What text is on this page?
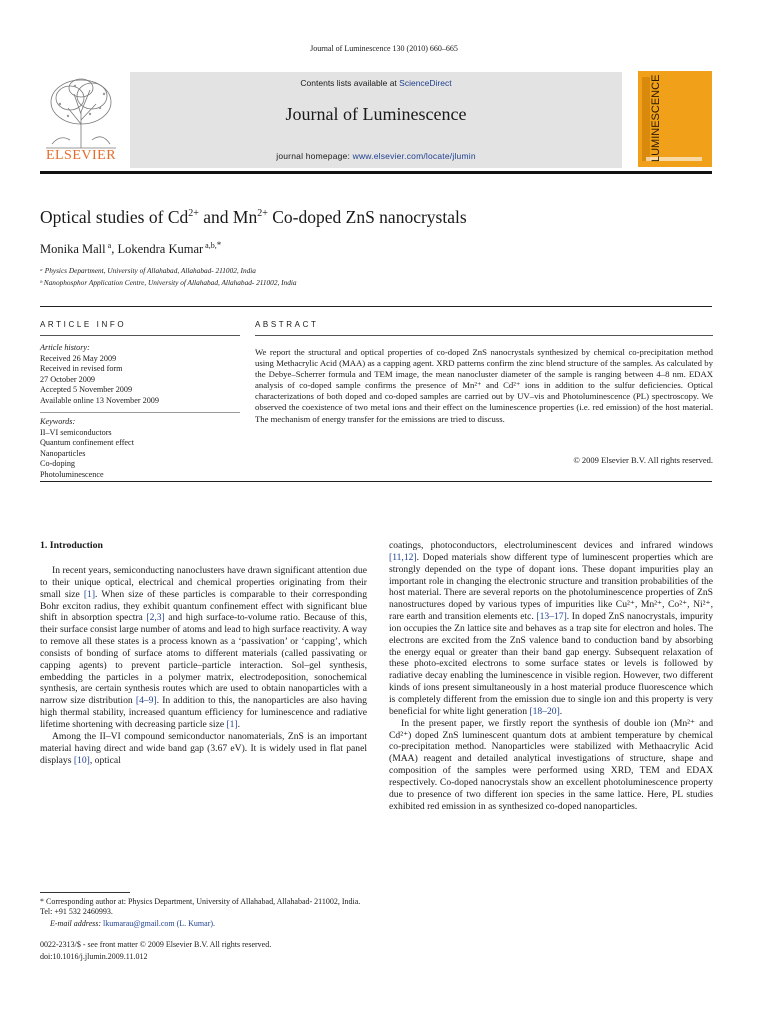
Journal of Luminescence 130 (2010) 660–665
ELSEVIER
Contents lists available at ScienceDirect
Journal of Luminescence
journal homepage: www.elsevier.com/locate/jlumin	LUMINESCENCE
Optical studies of $Cd^{2+}$ and $Mn^{2+}$ Co-doped ZnS nanocrystals
Monika Mall $^a$, Lokendra Kumar $^{a,b,*}$
ᵃ Physics Department, University of Allahabad, Allahabad- 211002, India
ᵇ Nanophosphor Application Centre, University of Allahabad, Allahabad- 211002, India
ARTICLE INFO
Article history:
Received 26 May 2009
Received in revised form
27 October 2009
Accepted 5 November 2009
Available online 13 November 2009
Keywords:
II–VI semiconductors
Quantum confinement effect
Nanoparticles
Co-doping
Photoluminescence
ABSTRACT
We report the structural and optical properties of co-doped ZnS nanocrystals synthesized by chemical co-precipitation method using Methacrylic Acid (MAA) as a capping agent. XRD patterns confirm the zinc blend structure of the samples. As calculated by the Debye–Scherrer formula and TEM image, the mean nanocluster diameter of the sample is ranging between 4–8 nm. EDAX analysis of co-doped sample confirms the presence of Mn²⁺ and Cd²⁺ ions in addition to the sulfur deficiencies. Optical characterizations of both doped and co-doped samples are carried out by UV–vis and Photoluminescence (PL) spectroscopy. We observed the coexistence of two metal ions and their effect on the luminescence properties (i.e. red emission) of the host material. The mechanism of energy transfer for the emissions are tried to discuss.
© 2009 Elsevier B.V. All rights reserved.
1. Introduction

In recent years, semiconducting nanoclusters have drawn significant attention due to their unique optical, electrical and chemical properties originating from their small size [1]. When size of these particles is comparable to their corresponding Bohr exciton radius, they exhibit quantum confinement effect with significant blue shift in absorption spectra [2,3] and high surface-to-volume ratio. Because of this, their surface consist large number of atoms and lead to high surface reactivity. A way to remove all these states is a process known as a ‘passivation’ or ‘capping’, which consists of bonding of surface atoms to different materials (called passivating or capping agents) to prevent particle–particle interaction. Sol–gel synthesis, embedding the particles in a polymer matrix, electrodeposition, sonochemical synthesis, are certain synthesis routes which are used to obtain nanoparticles with a narrow size distribution [4–9]. In addition to this, the nanoparticles are also having high thermal stability, increased quantum efficiency for luminescence and radiative lifetime shortening with decreasing particle size [1].

Among the II–VI compound semiconductor nanomaterials, ZnS is an important material having direct and wide band gap (3.67 eV). It is widely used in flat panel displays [10], optical

coatings, photoconductors, electroluminescent devices and infrared windows [11,12]. Doped materials show different type of luminescent properties which are strongly depended on the type of dopant ions. These dopant impurities play an important role in changing the electronic structure and transition probabilities of the host material. There are several reports on the photoluminescence properties of ZnS nanostructures doped by various types of impurities like Cu²⁺, Mn²⁺, Co²⁺, Ni²⁺, rare earth and transition elements etc. [13–17]. In doped ZnS nanocrystals, impurity ion occupies the Zn lattice site and behaves as a trap site for electron and holes. The electrons are excited from the ZnS valence band to conduction band by absorbing the energy equal or greater than their band gap energy. Subsequent relaxation of these photo-excited electrons to some surface states or levels is followed by radiative decay enabling the luminescence in visible region. However, two different kinds of ions present simultaneously in a host material produce fluorescence which is completely different from the emission due to single ion and this property is very beneficial for white light generation [18–20].

In the present paper, we firstly report the synthesis of double ion (Mn²⁺ and Cd²⁺) doped ZnS luminescent quantum dots at ambient temperature by chemical co-precipitation method. Nanoparticles were stabilized with Methaacrylic Acid (MAA) reagent and detailed analytical investigations of structure, shape and composition of the samples were performed using XRD, TEM and EDAX respectively. Co-doped nanocrystals show an excellent photoluminescence property due to presence of two different ion species in the same lattice. Here, PL studies exhibited red emission in as synthesized co-doped nanoparticles.

* Corresponding author at: Physics Department, University of Allahabad, Allahabad- 211002, India. Tel: +91 532 2460993.
E-mail address: lkumarau@gmail.com (L. Kumar).
0022-2313/$ - see front matter © 2009 Elsevier B.V. All rights reserved.
doi:10.1016/j.jlumin.2009.11.012
